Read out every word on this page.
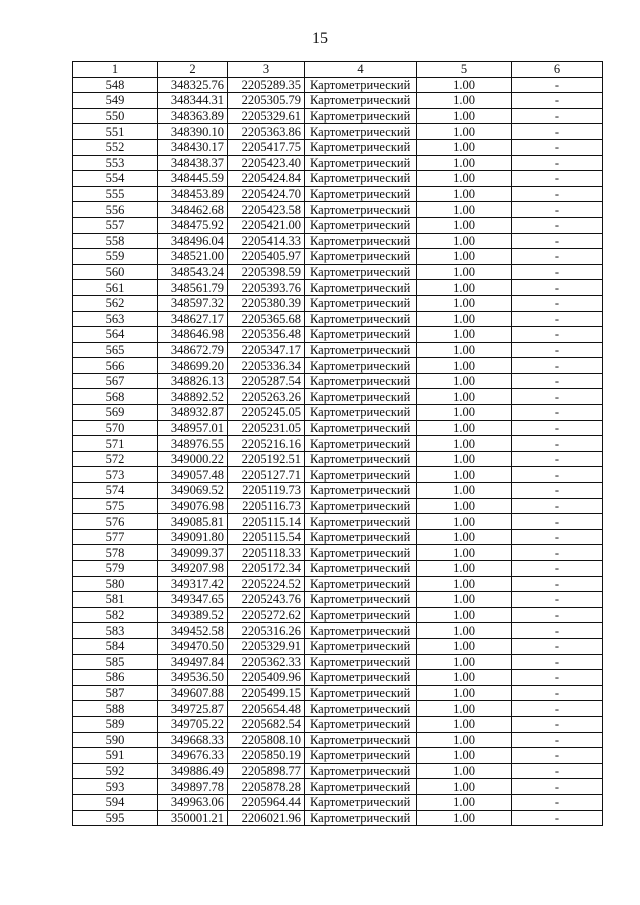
15
1	2	3	4	5	6
548	348325.76	2205289.35	Картометрический	1.00	-
549	348344.31	2205305.79	Картометрический	1.00	-
550	348363.89	2205329.61	Картометрический	1.00	-
551	348390.10	2205363.86	Картометрический	1.00	-
552	348430.17	2205417.75	Картометрический	1.00	-
553	348438.37	2205423.40	Картометрический	1.00	-
554	348445.59	2205424.84	Картометрический	1.00	-
555	348453.89	2205424.70	Картометрический	1.00	-
556	348462.68	2205423.58	Картометрический	1.00	-
557	348475.92	2205421.00	Картометрический	1.00	-
558	348496.04	2205414.33	Картометрический	1.00	-
559	348521.00	2205405.97	Картометрический	1.00	-
560	348543.24	2205398.59	Картометрический	1.00	-
561	348561.79	2205393.76	Картометрический	1.00	-
562	348597.32	2205380.39	Картометрический	1.00	-
563	348627.17	2205365.68	Картометрический	1.00	-
564	348646.98	2205356.48	Картометрический	1.00	-
565	348672.79	2205347.17	Картометрический	1.00	-
566	348699.20	2205336.34	Картометрический	1.00	-
567	348826.13	2205287.54	Картометрический	1.00	-
568	348892.52	2205263.26	Картометрический	1.00	-
569	348932.87	2205245.05	Картометрический	1.00	-
570	348957.01	2205231.05	Картометрический	1.00	-
571	348976.55	2205216.16	Картометрический	1.00	-
572	349000.22	2205192.51	Картометрический	1.00	-
573	349057.48	2205127.71	Картометрический	1.00	-
574	349069.52	2205119.73	Картометрический	1.00	-
575	349076.98	2205116.73	Картометрический	1.00	-
576	349085.81	2205115.14	Картометрический	1.00	-
577	349091.80	2205115.54	Картометрический	1.00	-
578	349099.37	2205118.33	Картометрический	1.00	-
579	349207.98	2205172.34	Картометрический	1.00	-
580	349317.42	2205224.52	Картометрический	1.00	-
581	349347.65	2205243.76	Картометрический	1.00	-
582	349389.52	2205272.62	Картометрический	1.00	-
583	349452.58	2205316.26	Картометрический	1.00	-
584	349470.50	2205329.91	Картометрический	1.00	-
585	349497.84	2205362.33	Картометрический	1.00	-
586	349536.50	2205409.96	Картометрический	1.00	-
587	349607.88	2205499.15	Картометрический	1.00	-
588	349725.87	2205654.48	Картометрический	1.00	-
589	349705.22	2205682.54	Картометрический	1.00	-
590	349668.33	2205808.10	Картометрический	1.00	-
591	349676.33	2205850.19	Картометрический	1.00	-
592	349886.49	2205898.77	Картометрический	1.00	-
593	349897.78	2205878.28	Картометрический	1.00	-
594	349963.06	2205964.44	Картометрический	1.00	-
595	350001.21	2206021.96	Картометрический	1.00	-
